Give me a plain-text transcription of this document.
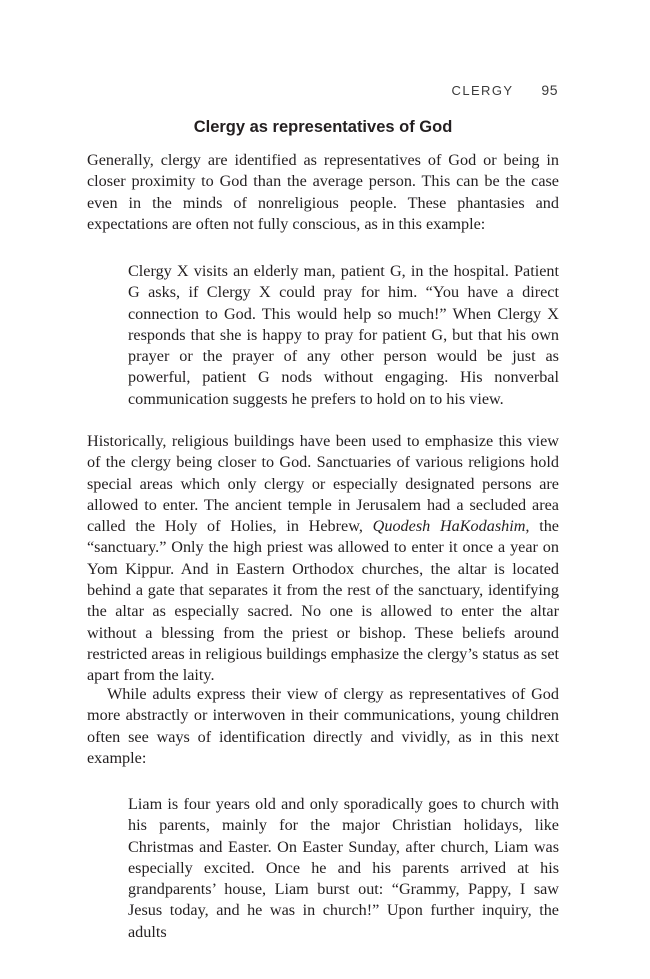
CLERGY 95
Clergy as representatives of God

Generally, clergy are identified as representatives of God or being in closer proximity to God than the average person. This can be the case even in the minds of nonreligious people. These phantasies and expectations are often not fully conscious, as in this example:

Clergy X visits an elderly man, patient G, in the hospital. Patient G asks, if Clergy X could pray for him. “You have a direct connection to God. This would help so much!” When Clergy X responds that she is happy to pray for patient G, but that his own prayer or the prayer of any other person would be just as powerful, patient G nods without engaging. His nonverbal communication suggests he prefers to hold on to his view.

Historically, religious buildings have been used to emphasize this view of the clergy being closer to God. Sanctuaries of various religions hold special areas which only clergy or especially designated persons are allowed to enter. The ancient temple in Jerusalem had a secluded area called the Holy of Holies, in Hebrew, Quodesh HaKodashim, the “sanctuary.” Only the high priest was allowed to enter it once a year on Yom Kippur. And in Eastern Orthodox churches, the altar is located behind a gate that separates it from the rest of the sanctuary, identifying the altar as especially sacred. No one is allowed to enter the altar without a blessing from the priest or bishop. These beliefs around restricted areas in religious buildings emphasize the clergy’s status as set apart from the laity.

While adults express their view of clergy as representatives of God more abstractly or interwoven in their communications, young children often see ways of identification directly and vividly, as in this next example:

Liam is four years old and only sporadically goes to church with his parents, mainly for the major Christian holidays, like Christmas and Easter. On Easter Sunday, after church, Liam was especially excited. Once he and his parents arrived at his grandparents’ house, Liam burst out: “Grammy, Pappy, I saw Jesus today, and he was in church!” Upon further inquiry, the adults
